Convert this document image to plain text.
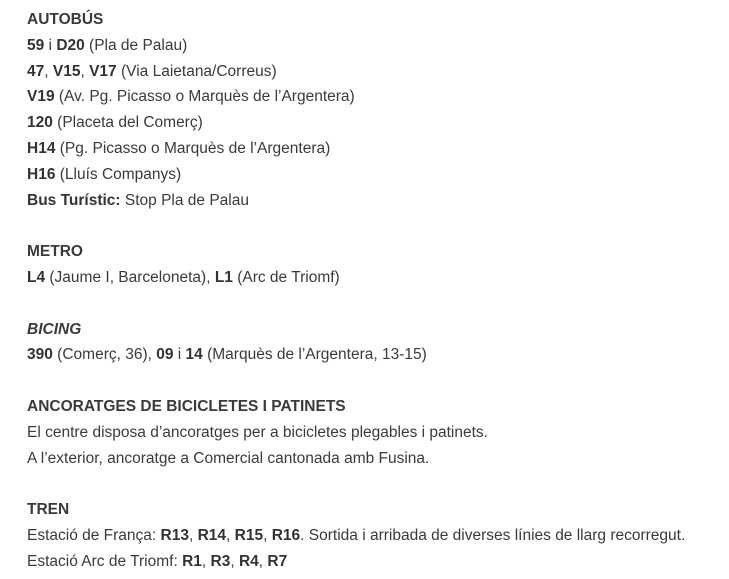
AUTOBÚS
59 i D20 (Pla de Palau)
47, V15, V17 (Via Laietana/Correus)
V19 (Av. Pg. Picasso o Marquès de l’Argentera)
120 (Placeta del Comerç)
H14 (Pg. Picasso o Marquès de l’Argentera)
H16 (Lluís Companys)
Bus Turístic: Stop Pla de Palau
METRO
L4 (Jaume I, Barceloneta), L1 (Arc de Triomf)
BICING
390 (Comerç, 36), 09 i 14 (Marquès de l’Argentera, 13-15)
ANCORATGES DE BICICLETES I PATINETS
El centre disposa d’ancoratges per a bicicletes plegables i patinets.
A l’exterior, ancoratge a Comercial cantonada amb Fusina.
TREN
Estació de França: R13, R14, R15, R16. Sortida i arribada de diverses línies de llarg recorregut.
Estació Arc de Triomf: R1, R3, R4, R7
